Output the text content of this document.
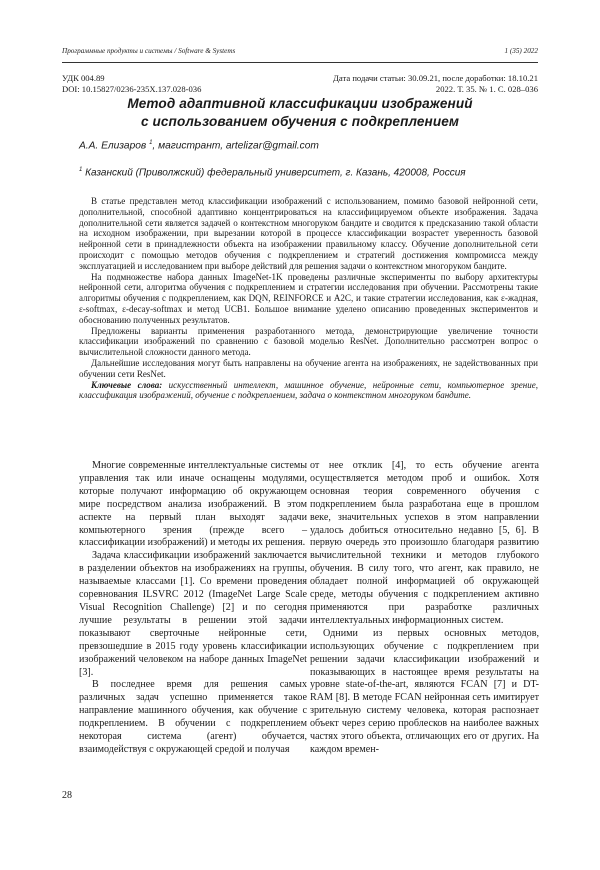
Программные продукты и системы / Software & Systems	1 (35) 2022
УДК 004.89	Дата подачи статьи: 30.09.21, после доработки: 18.10.21
DOI: 10.15827/0236-235X.137.028-036	2022. Т. 35. № 1. С. 028–036
Метод адаптивной классификации изображений
с использованием обучения с подкреплением
А.А. Елизаров $^1$, магистрант, artelizar@gmail.com
$^1$ Казанский (Приволжский) федеральный университет, г. Казань, 420008, Россия

В статье представлен метод классификации изображений с использованием, помимо базовой нейронной сети, дополнительной, способной адаптивно концентрироваться на классифицируемом объекте изображения. Задача дополнительной сети является задачей о контекстном многоруком бандите и сводится к предсказанию такой области на исходном изображении, при вырезании которой в процессе классификации возрастет уверенность базовой нейронной сети в принадлежности объекта на изображении правильному классу. Обучение дополнительной сети происходит с помощью методов обучения с подкреплением и стратегий достижения компромисса между эксплуатацией и исследованием при выборе действий для решения задачи о контекстном многоруком бандите.

На подмножестве набора данных ImageNet-1K проведены различные эксперименты по выбору архитектуры нейронной сети, алгоритма обучения с подкреплением и стратегии исследования при обучении. Рассмотрены такие алгоритмы обучения с подкреплением, как DQN, REINFORCE и A2C, и такие стратегии исследования, как ε-жадная, ε-softmax, ε-decay-softmax и метод UCB1. Большое внимание уделено описанию проведенных экспериментов и обоснованию полученных результатов.

Предложены варианты применения разработанного метода, демонстрирующие увеличение точности классификации изображений по сравнению с базовой моделью ResNet. Дополнительно рассмотрен вопрос о вычислительной сложности данного метода.

Дальнейшие исследования могут быть направлены на обучение агента на изображениях, не задействованных при обучении сети ResNet.

Ключевые слова: искусственный интеллект, машинное обучение, нейронные сети, компьютерное зрение, классификация изображений, обучение с подкреплением, задача о контекстном многоруком бандите.

Многие современные интеллектуальные системы управления так или иначе оснащены модулями, которые получают информацию об окружающем мире посредством анализа изображений. В этом аспекте на первый план выходят задачи компьютерного зрения (прежде всего – классификации изображений) и методы их решения.

Задача классификации изображений заключается в разделении объектов на изображениях на группы, называемые классами [1]. Со времени проведения соревнования ILSVRC 2012 (ImageNet Large Scale Visual Recognition Challenge) [2] и по сегодня лучшие результаты в решении этой задачи показывают сверточные нейронные сети, превзошедшие в 2015 году уровень классификации изображений человеком на наборе данных ImageNet [3].

В последнее время для решения самых различных задач успешно применяется такое направление машинного обучения, как обучение с подкреплением. В обучении с подкреплением некоторая система (агент) обучается, взаимодействуя с окружающей средой и получая

от нее отклик [4], то есть обучение агента осуществляется методом проб и ошибок. Хотя основная теория современного обучения с подкреплением была разработана еще в прошлом веке, значительных успехов в этом направлении удалось добиться относительно недавно [5, 6]. В первую очередь это произошло благодаря развитию вычислительной техники и методов глубокого обучения. В силу того, что агент, как правило, не обладает полной информацией об окружающей среде, методы обучения с подкреплением активно применяются при разработке различных интеллектуальных информационных систем.

Одними из первых основных методов, использующих обучение с подкреплением при решении задачи классификации изображений и показывающих в настоящее время результаты на уровне state-of-the-art, являются FCAN [7] и DT-RAM [8]. В методе FCAN нейронная сеть имитирует зрительную систему человека, которая распознает объект через серию проблесков на наиболее важных частях этого объекта, отличающих его от других. На каждом времен-

28
